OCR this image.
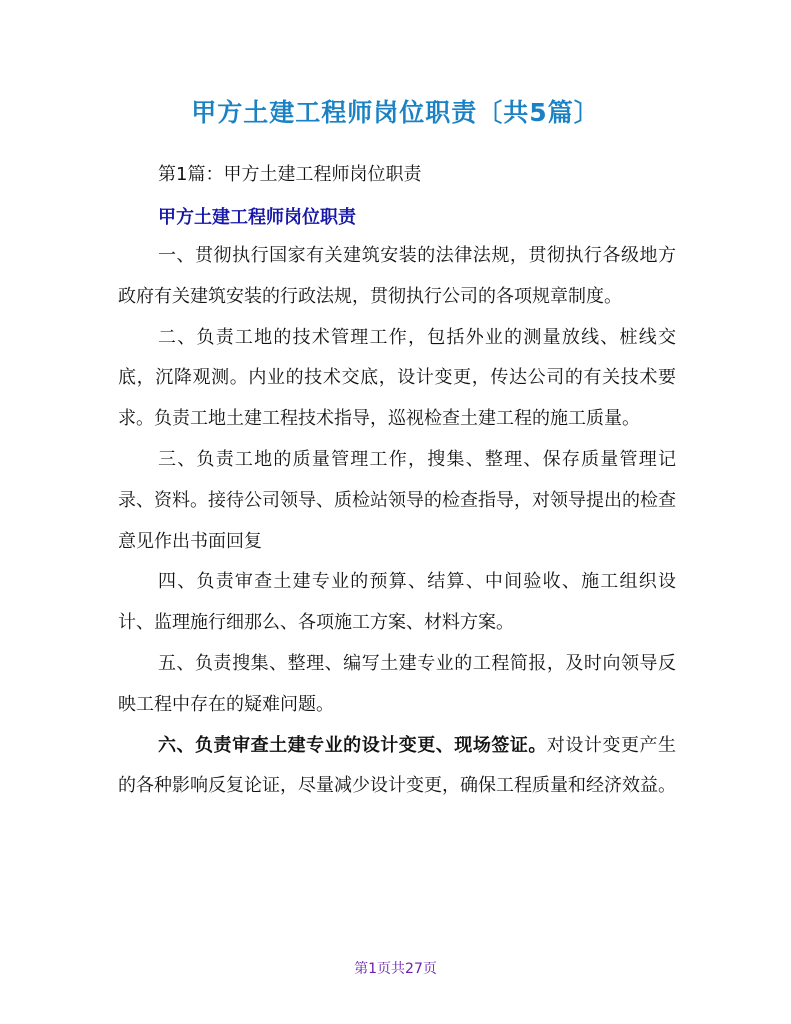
甲方土建工程师岗位职责〔共5篇〕
第1篇：甲方土建工程师岗位职责
甲方土建工程师岗位职责

一、贯彻执行国家有关建筑安装的法律法规，贯彻执行各级地方政府有关建筑安装的行政法规，贯彻执行公司的各项规章制度。

二、负责工地的技术管理工作，包括外业的测量放线、桩线交底，沉降观测。内业的技术交底，设计变更，传达公司的有关技术要求。负责工地土建工程技术指导，巡视检查土建工程的施工质量。

三、负责工地的质量管理工作，搜集、整理、保存质量管理记录、资料。接待公司领导、质检站领导的检查指导，对领导提出的检查意见作出书面回复

四、负责审查土建专业的预算、结算、中间验收、施工组织设计、监理施行细那么、各项施工方案、材料方案。

五、负责搜集、整理、编写土建专业的工程简报，及时向领导反映工程中存在的疑难问题。

六、负责审查土建专业的设计变更、现场签证。对设计变更产生的各种影响反复论证，尽量减少设计变更，确保工程质量和经济效益。

第1页共27页
